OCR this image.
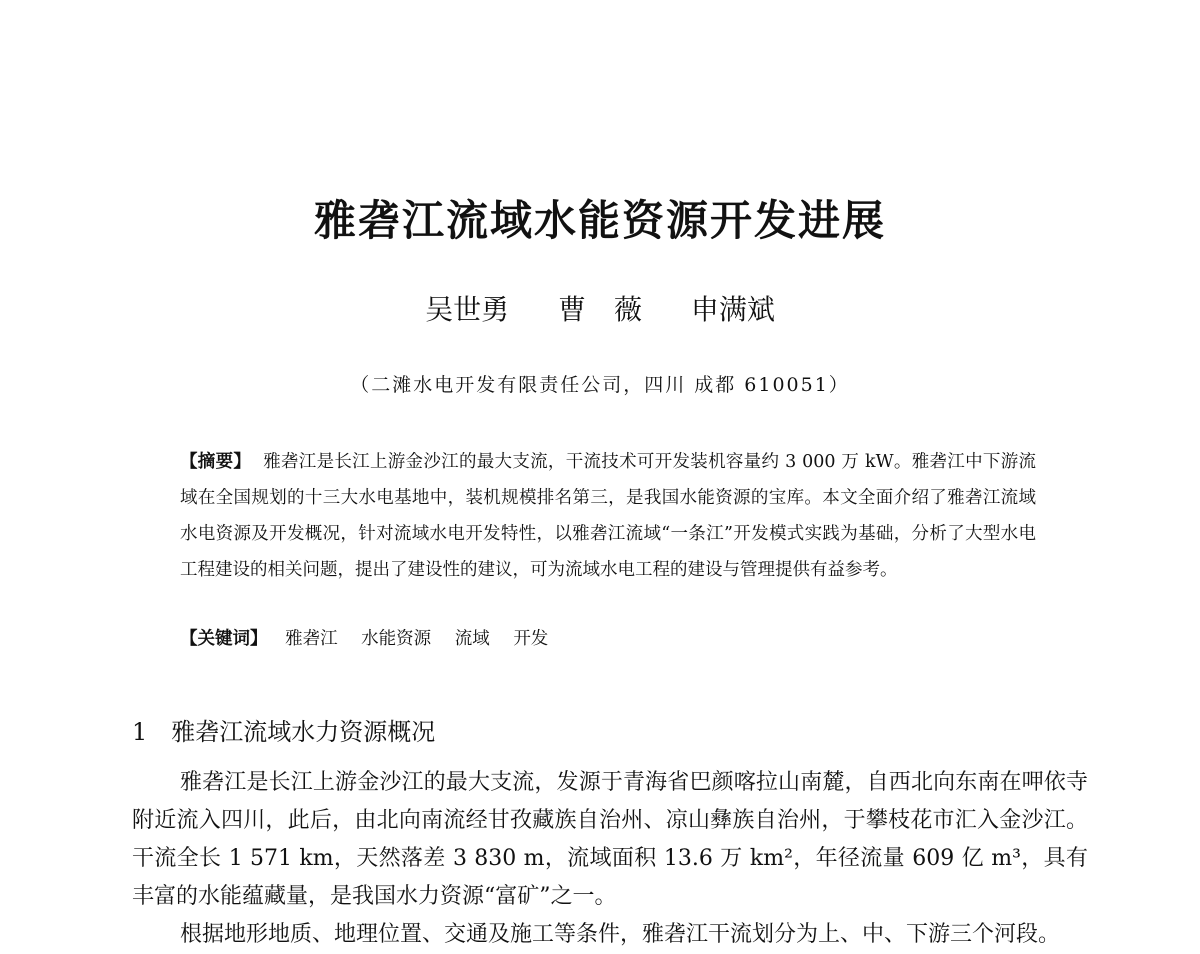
雅砻江流域水能资源开发进展
吴世勇 曹　薇 申满斌
（二滩水电开发有限责任公司，四川 成都 610051）
【摘要】 雅砻江是长江上游金沙江的最大支流，干流技术可开发装机容量约 3 000 万 kW。雅砻江中下游流域在全国规划的十三大水电基地中，装机规模排名第三，是我国水能资源的宝库。本文全面介绍了雅砻江流域水电资源及开发概况，针对流域水电开发特性，以雅砻江流域“一条江”开发模式实践为基础，分析了大型水电工程建设的相关问题，提出了建设性的建议，可为流域水电工程的建设与管理提供有益参考。
【关键词】 雅砻江 水能资源 流域 开发
1 雅砻江流域水力资源概况

雅砻江是长江上游金沙江的最大支流，发源于青海省巴颜喀拉山南麓，自西北向东南在呷依寺附近流入四川，此后，由北向南流经甘孜藏族自治州、凉山彝族自治州，于攀枝花市汇入金沙江。干流全长 1 571 km，天然落差 3 830 m，流域面积 13.6 万 km²，年径流量 609 亿 m³，具有丰富的水能蕴藏量，是我国水力资源“富矿”之一。

根据地形地质、地理位置、交通及施工等条件，雅砻江干流划分为上、中、下游三个河段。
